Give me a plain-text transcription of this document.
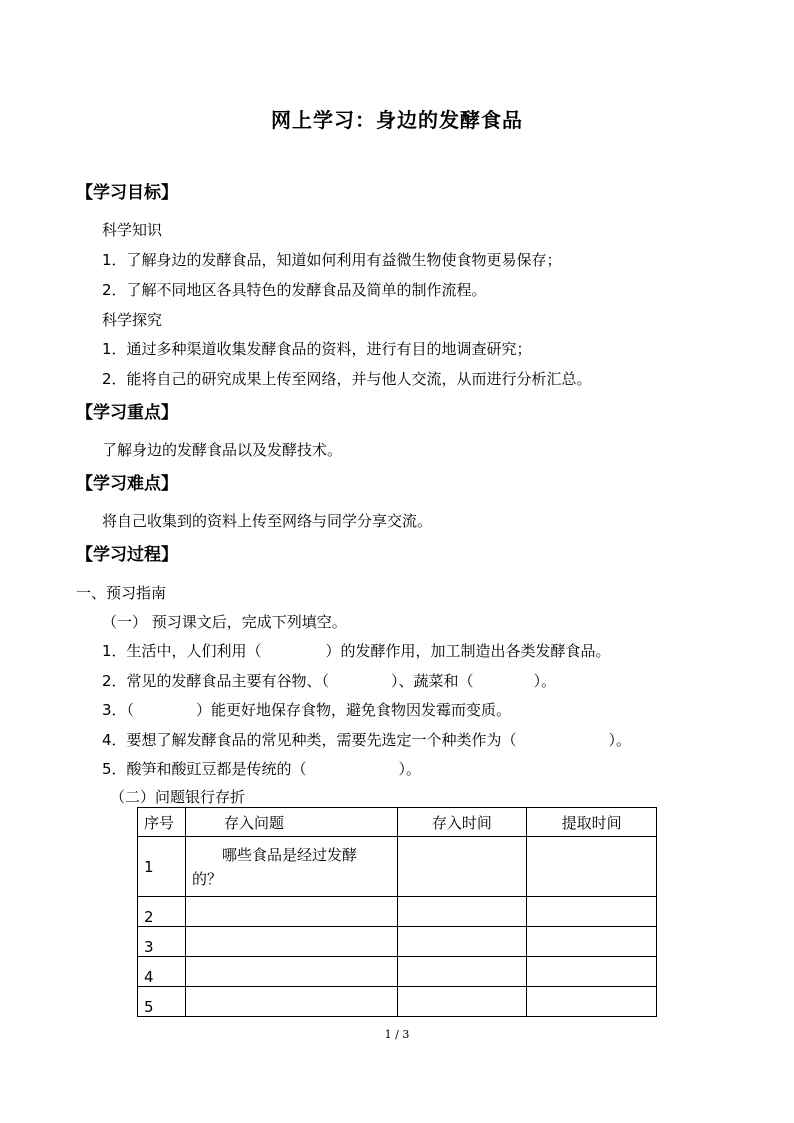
网上学习：身边的发酵食品
【学习目标】
科学知识
1．了解身边的发酵食品，知道如何利用有益微生物使食物更易保存；
2．了解不同地区各具特色的发酵食品及简单的制作流程。
科学探究
1．通过多种渠道收集发酵食品的资料，进行有目的地调查研究；
2．能将自己的研究成果上传至网络，并与他人交流，从而进行分析汇总。
【学习重点】
了解身边的发酵食品以及发酵技术。
【学习难点】
将自己收集到的资料上传至网络与同学分享交流。
【学习过程】
一、预习指南
（一） 预习课文后，完成下列填空。
1．生活中，人们利用（	）的发酵作用，加工制造出各类发酵食品。
2．常见的发酵食品主要有谷物、（	）、蔬菜和（	）。
3．（	）能更好地保存食物，避免食物因发霉而变质。
4．要想了解发酵食品的常见种类，需要先选定一个种类作为（	）。
5．酸笋和酸豇豆都是传统的（	）。
（二）问题银行存折
序号	存入问题	存入时间	提取时间
1	哪些食品是经过发酵
的？		

2			
3			
4			
5			
1 / 3
